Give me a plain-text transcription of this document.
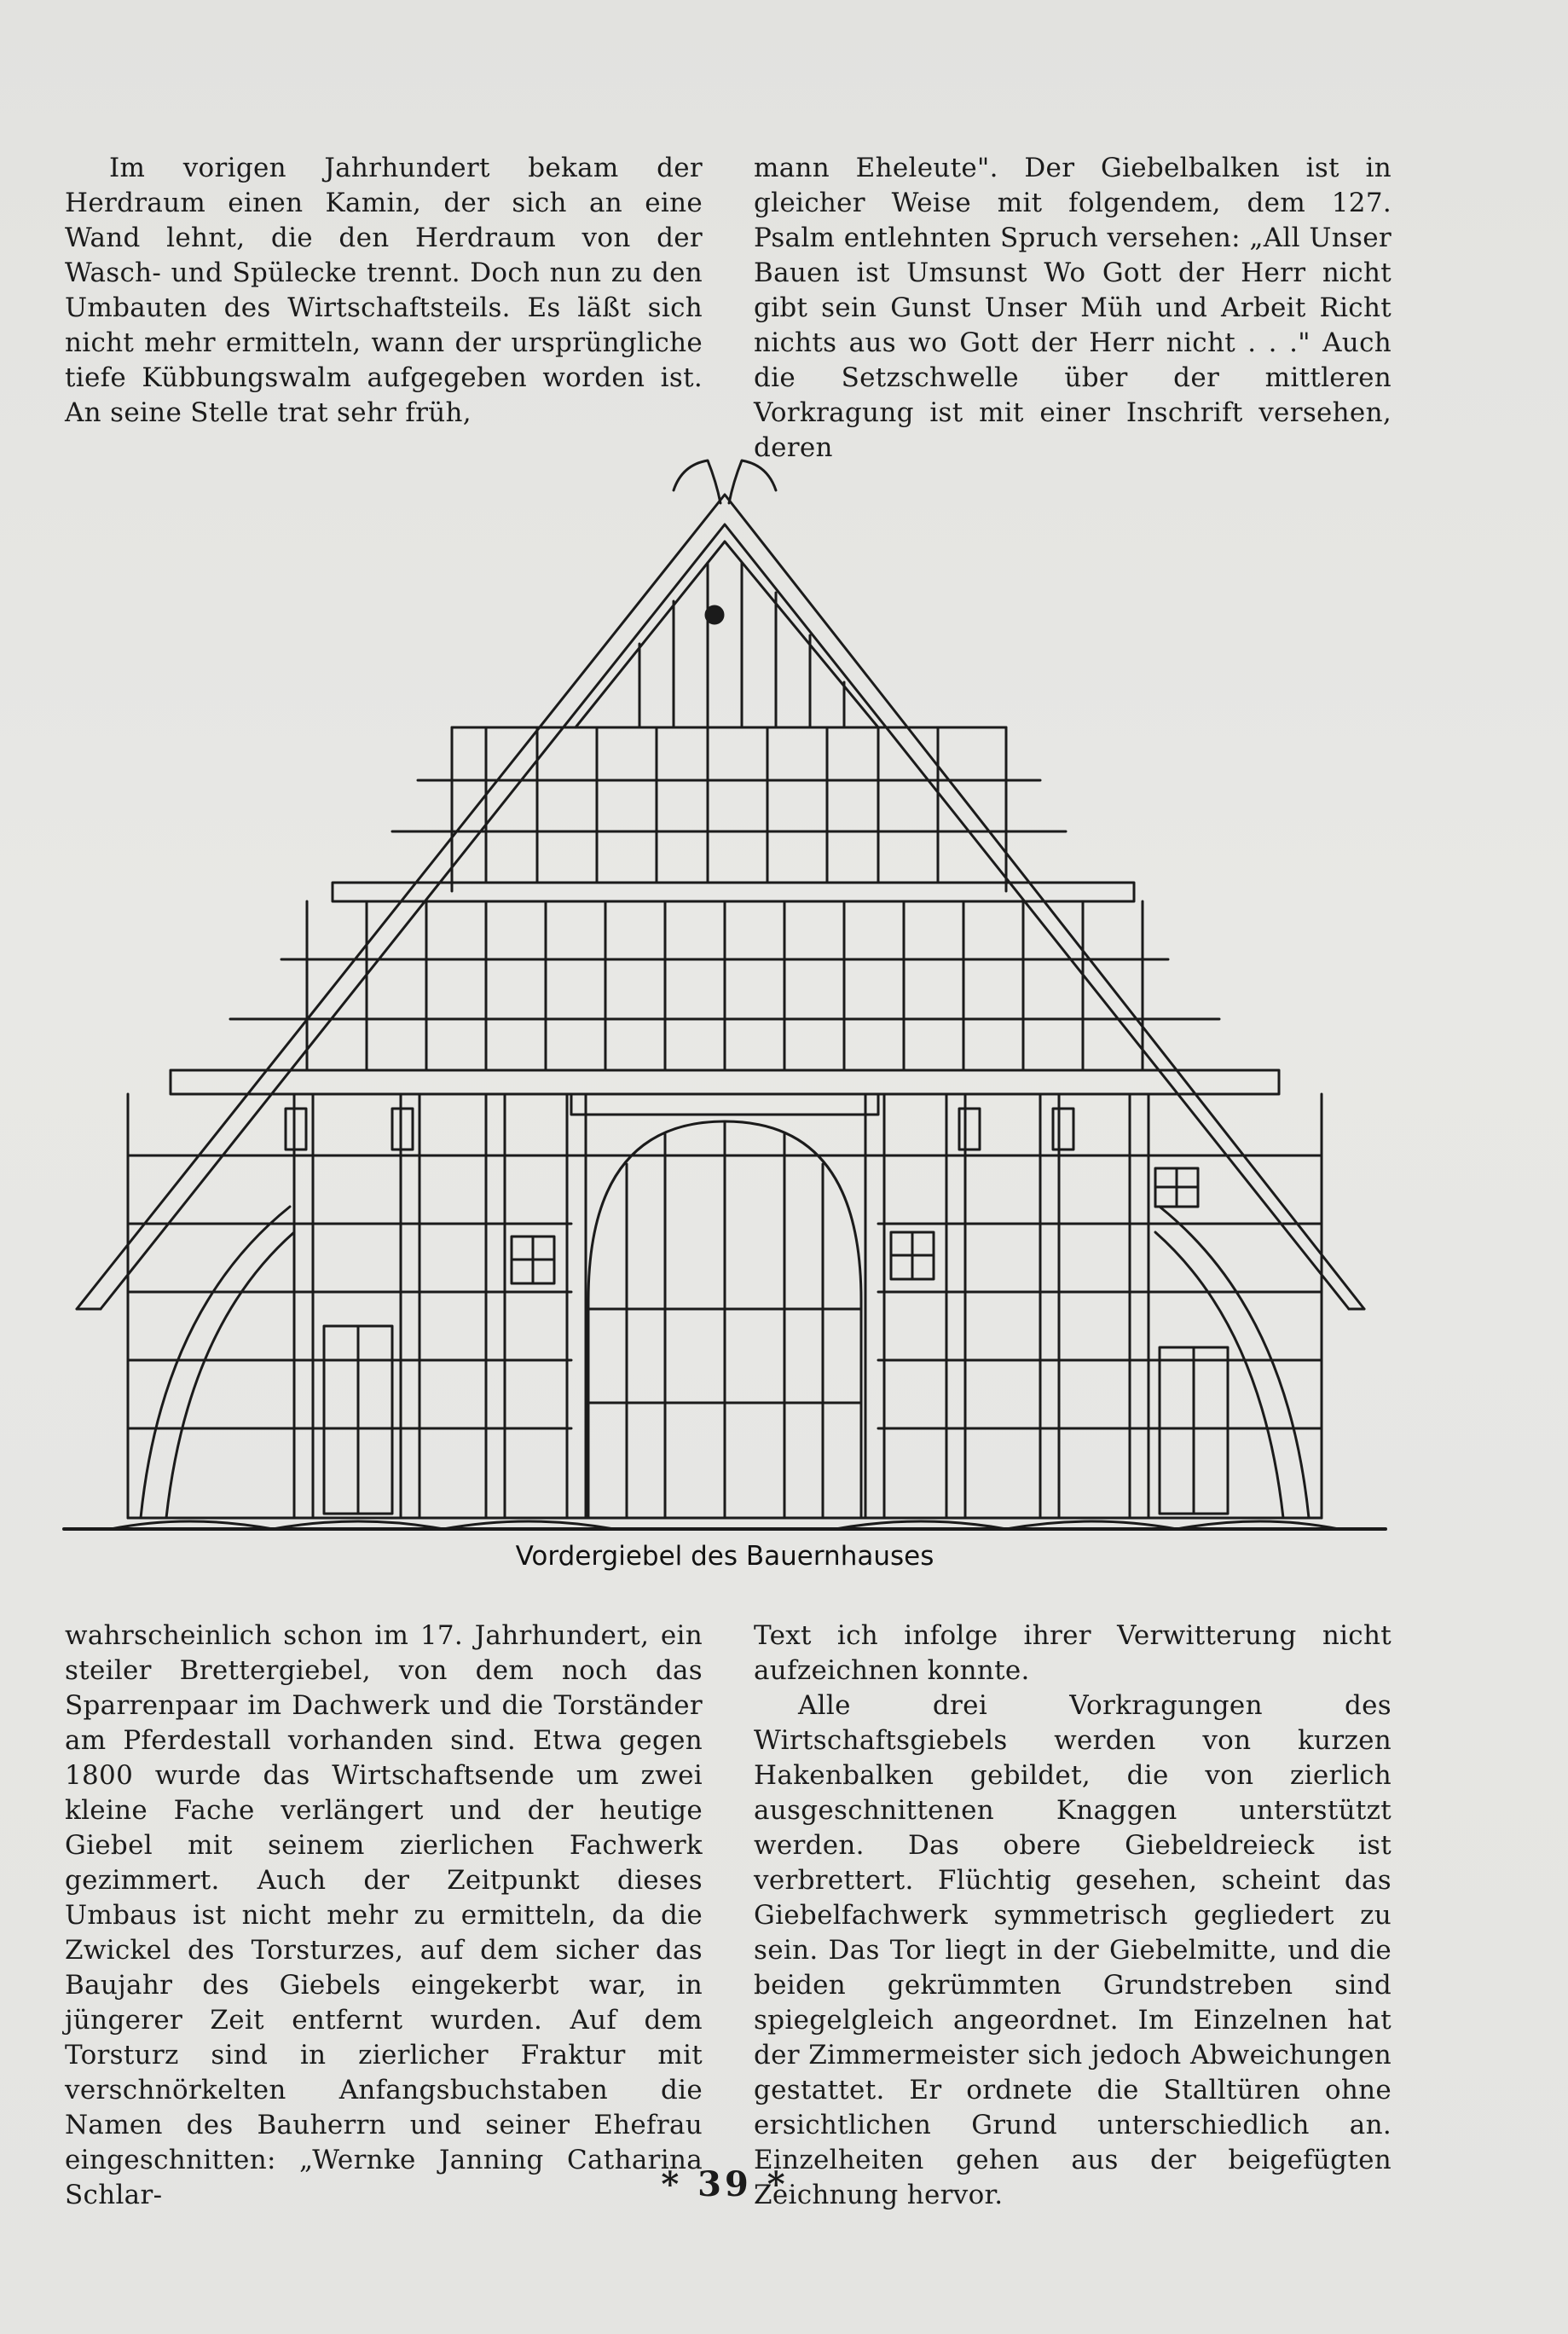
Im vorigen Jahrhundert bekam der Herdraum einen Kamin, der sich an eine Wand lehnt, die den Herdraum von der Wasch- und Spülecke trennt. Doch nun zu den Umbauten des Wirtschaftsteils. Es läßt sich nicht mehr ermitteln, wann der ursprüngliche tiefe Kübbungswalm aufgegeben worden ist. An seine Stelle trat sehr früh,
mann Eheleute". Der Giebelbalken ist in gleicher Weise mit folgendem, dem 127. Psalm entlehnten Spruch versehen: „All Unser Bauen ist Umsunst Wo Gott der Herr nicht gibt sein Gunst Unser Müh und Arbeit Richt nichts aus wo Gott der Herr nicht . . ." Auch die Setzschwelle über der mittleren Vorkragung ist mit einer Inschrift versehen, deren
Vordergiebel des Bauernhauses
wahrscheinlich schon im 17. Jahrhundert, ein steiler Brettergiebel, von dem noch das Sparrenpaar im Dachwerk und die Torständer am Pferdestall vorhanden sind. Etwa gegen 1800 wurde das Wirtschaftsende um zwei kleine Fache verlängert und der heutige Giebel mit seinem zierlichen Fachwerk gezimmert. Auch der Zeitpunkt dieses Umbaus ist nicht mehr zu ermitteln, da die Zwickel des Torsturzes, auf dem sicher das Baujahr des Giebels eingekerbt war, in jüngerer Zeit entfernt wurden. Auf dem Torsturz sind in zierlicher Fraktur mit verschnörkelten Anfangsbuchstaben die Namen des Bauherrn und seiner Ehefrau eingeschnitten: „Wernke Janning Catharina Schlar-

Text ich infolge ihrer Verwitterung nicht aufzeichnen konnte.

Alle drei Vorkragungen des Wirtschaftsgiebels werden von kurzen Hakenbalken gebildet, die von zierlich ausgeschnittenen Knaggen unterstützt werden. Das obere Giebeldreieck ist verbrettert. Flüchtig gesehen, scheint das Giebelfachwerk symmetrisch gegliedert zu sein. Das Tor liegt in der Giebelmitte, und die beiden gekrümmten Grundstreben sind spiegelgleich angeordnet. Im Einzelnen hat der Zimmermeister sich jedoch Abweichungen gestattet. Er ordnete die Stalltüren ohne ersichtlichen Grund unterschiedlich an. Einzelheiten gehen aus der beigefügten Zeichnung hervor.

* 39 *
